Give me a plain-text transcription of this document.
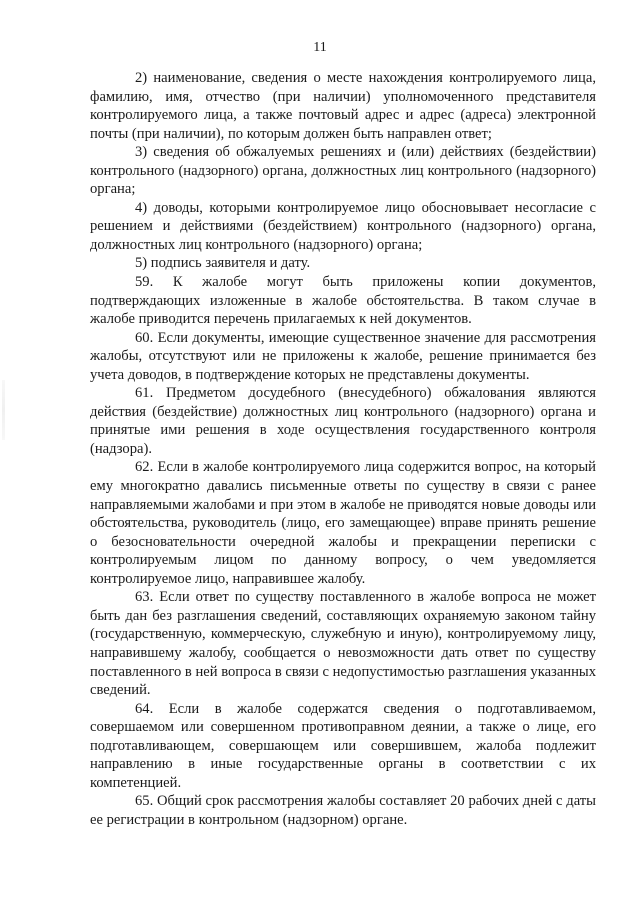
11

2) наименование, сведения о месте нахождения контролируемого лица, фамилию, имя, отчество (при наличии) уполномоченного представителя контролируемого лица, а также почтовый адрес и адрес (адреса) электронной почты (при наличии), по которым должен быть направлен ответ;

3) сведения об обжалуемых решениях и (или) действиях (бездействии) контрольного (надзорного) органа, должностных лиц контрольного (надзорного) органа;

4) доводы, которыми контролируемое лицо обосновывает несогласие с решением и действиями (бездействием) контрольного (надзорного) органа, должностных лиц контрольного (надзорного) органа;

5) подпись заявителя и дату.

59. К жалобе могут быть приложены копии документов, подтверждающих изложенные в жалобе обстоятельства. В таком случае в жалобе приводится перечень прилагаемых к ней документов.

60. Если документы, имеющие существенное значение для рассмотрения жалобы, отсутствуют или не приложены к жалобе, решение принимается без учета доводов, в подтверждение которых не представлены документы.

61. Предметом досудебного (внесудебного) обжалования являются действия (бездействие) должностных лиц контрольного (надзорного) органа и принятые ими решения в ходе осуществления государственного контроля (надзора).

62. Если в жалобе контролируемого лица содержится вопрос, на который ему многократно давались письменные ответы по существу в связи с ранее направляемыми жалобами и при этом в жалобе не приводятся новые доводы или обстоятельства, руководитель (лицо, его замещающее) вправе принять решение о безосновательности очередной жалобы и прекращении переписки с контролируемым лицом по данному вопросу, о чем уведомляется контролируемое лицо, направившее жалобу.

63. Если ответ по существу поставленного в жалобе вопроса не может быть дан без разглашения сведений, составляющих охраняемую законом тайну (государственную, коммерческую, служебную и иную), контролируемому лицу, направившему жалобу, сообщается о невозможности дать ответ по существу поставленного в ней вопроса в связи с недопустимостью разглашения указанных сведений.

64. Если в жалобе содержатся сведения о подготавливаемом, совершаемом или совершенном противоправном деянии, а также о лице, его подготавливающем, совершающем или совершившем, жалоба подлежит направлению в иные государственные органы в соответствии с их компетенцией.

65. Общий срок рассмотрения жалобы составляет 20 рабочих дней с даты ее регистрации в контрольном (надзорном) органе.
